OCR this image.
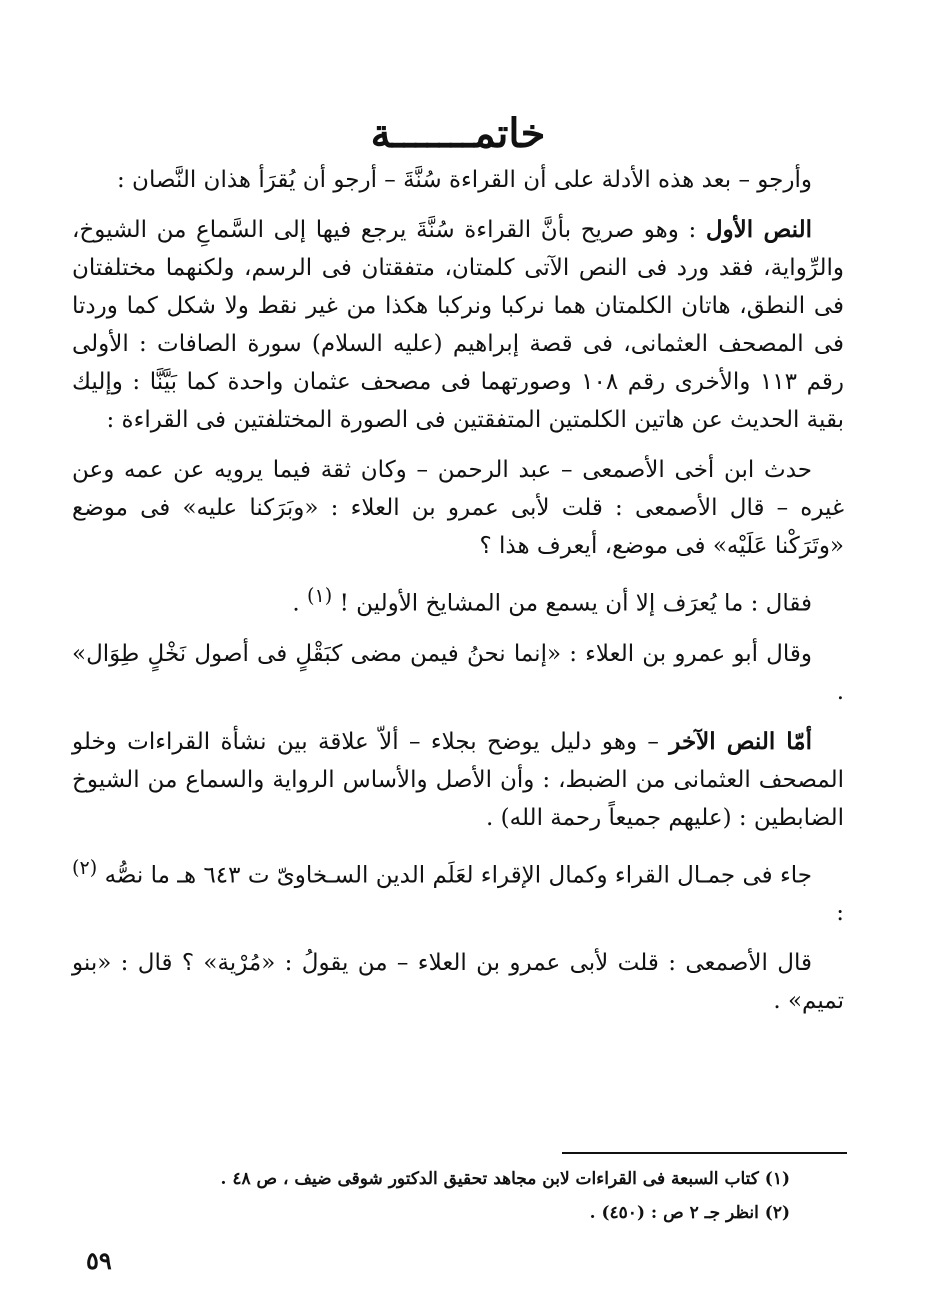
خاتمـــــــة

وأرجو – بعد هذه الأدلة على أن القراءة سُنَّةَ – أرجو أن يُقرَأ هذان النَّصان :

النص الأول : وهو صريح بأنَّ القراءة سُنَّةَ يرجع فيها إلى السَّماعِ من الشيوخ، والرِّواية، فقد ورد فى النص الآتى كلمتان، متفقتان فى الرسم، ولكنهما مختلفتان فى النطق، هاتان الكلمتان هما نركبا ونركبا هكذا من غير نقط ولا شكل كما وردتا فى المصحف العثمانى، فى قصة إبراهيم (عليه السلام) سورة الصافات : الأولى رقم ١١٣ والأخرى رقم ١٠٨ وصورتهما فى مصحف عثمان واحدة كما بَيَّنَّا : وإليك بقية الحديث عن هاتين الكلمتين المتفقتين فى الصورة المختلفتين فى القراءة :

حدث ابن أخى الأصمعى – عبد الرحمن – وكان ثقة فيما يرويه عن عمه وعن غيره – قال الأصمعى : قلت لأبى عمرو بن العلاء : «وبَرَكنا عليه» فى موضع «وتَرَكْنا عَلَيْه» فى موضع، أيعرف هذا ؟

فقال : ما يُعرَف إلا أن يسمع من المشايخ الأولين ! $^{(١)}$ .

وقال أبو عمرو بن العلاء : «إنما نحنُ فيمن مضى كبَقْلٍ فى أصول نَخْلٍ طِوَال» .

أمّا النص الآخر – وهو دليل يوضح بجلاء – ألاّ علاقة بين نشأة القراءات وخلو المصحف العثمانى من الضبط، : وأن الأصل والأساس الرواية والسماع من الشيوخ الضابطين : (عليهم جميعاً رحمة الله) .

جاء فى جمـال القراء وكمال الإقراء لعَلَم الدين السـخاوىّ ت ٦٤٣ هـ ما نصُّه $^{(٢)}$ :

قال الأصمعى : قلت لأبى عمرو بن العلاء – من يقولُ : «مُرْية» ؟ قال : «بنو تميم» .

(١) كتاب السبعة فى القراءات لابن مجاهد تحقيق الدكتور شوقى ضيف ، ص ٤٨ .
(٢) انظر جـ ٢ ص : (٤٥٠) .
٥٩
